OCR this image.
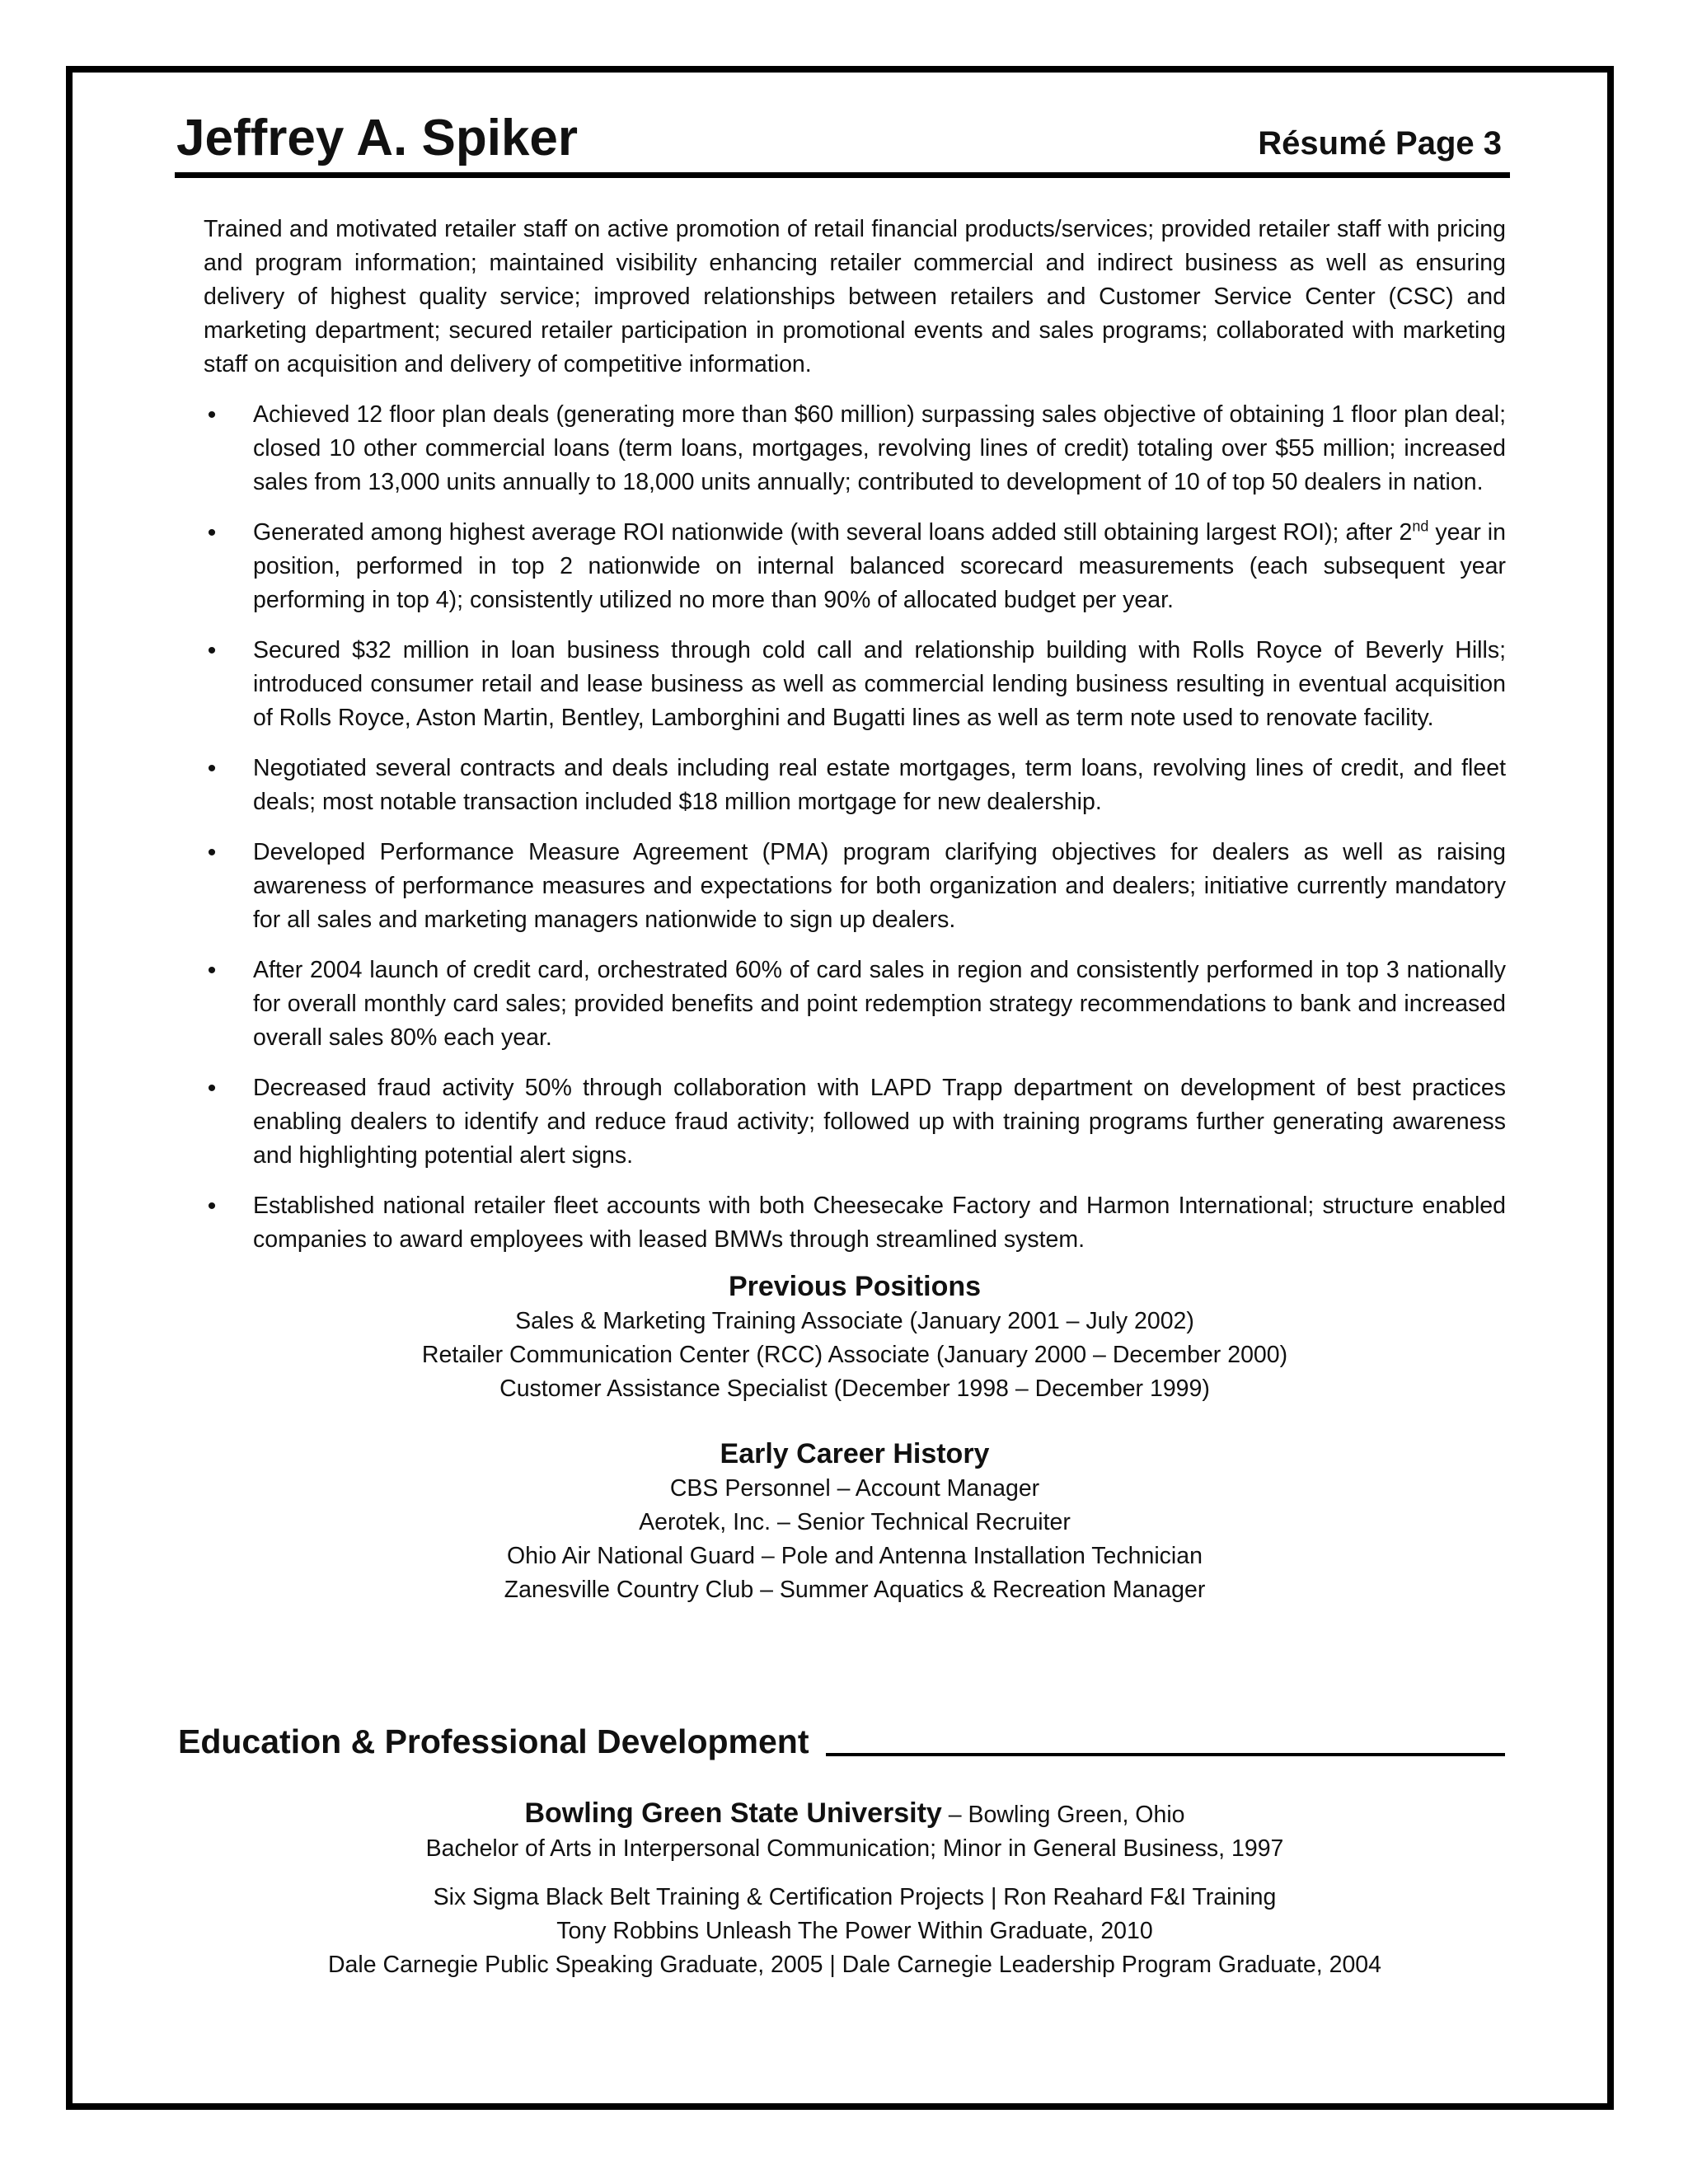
Jeffrey A. Spiker	Résumé Page 3

Trained and motivated retailer staff on active promotion of retail financial products/services; provided retailer staff with pricing and program information; maintained visibility enhancing retailer commercial and indirect business as well as ensuring delivery of highest quality service; improved relationships between retailers and Customer Service Center (CSC) and marketing department; secured retailer participation in promotional events and sales programs; collaborated with marketing staff on acquisition and delivery of competitive information.

• Achieved 12 floor plan deals (generating more than $60 million) surpassing sales objective of obtaining 1 floor plan deal; closed 10 other commercial loans (term loans, mortgages, revolving lines of credit) totaling over $55 million; increased sales from 13,000 units annually to 18,000 units annually; contributed to development of 10 of top 50 dealers in nation.
• Generated among highest average ROI nationwide (with several loans added still obtaining largest ROI); after 2nd year in position, performed in top 2 nationwide on internal balanced scorecard measurements (each subsequent year performing in top 4); consistently utilized no more than 90% of allocated budget per year.
• Secured $32 million in loan business through cold call and relationship building with Rolls Royce of Beverly Hills; introduced consumer retail and lease business as well as commercial lending business resulting in eventual acquisition of Rolls Royce, Aston Martin, Bentley, Lamborghini and Bugatti lines as well as term note used to renovate facility.
• Negotiated several contracts and deals including real estate mortgages, term loans, revolving lines of credit, and fleet deals; most notable transaction included $18 million mortgage for new dealership.
• Developed Performance Measure Agreement (PMA) program clarifying objectives for dealers as well as raising awareness of performance measures and expectations for both organization and dealers; initiative currently mandatory for all sales and marketing managers nationwide to sign up dealers.
• After 2004 launch of credit card, orchestrated 60% of card sales in region and consistently performed in top 3 nationally for overall monthly card sales; provided benefits and point redemption strategy recommendations to bank and increased overall sales 80% each year.
• Decreased fraud activity 50% through collaboration with LAPD Trapp department on development of best practices enabling dealers to identify and reduce fraud activity; followed up with training programs further generating awareness and highlighting potential alert signs.
• Established national retailer fleet accounts with both Cheesecake Factory and Harmon International; structure enabled companies to award employees with leased BMWs through streamlined system.
Previous Positions
Sales & Marketing Training Associate (January 2001 – July 2002)
Retailer Communication Center (RCC) Associate (January 2000 – December 2000)
Customer Assistance Specialist (December 1998 – December 1999)
Early Career History
CBS Personnel – Account Manager
Aerotek, Inc. – Senior Technical Recruiter
Ohio Air National Guard – Pole and Antenna Installation Technician
Zanesville Country Club – Summer Aquatics & Recreation Manager
Education & Professional Development
Bowling Green State University – Bowling Green, Ohio
Bachelor of Arts in Interpersonal Communication; Minor in General Business, 1997
Six Sigma Black Belt Training & Certification Projects | Ron Reahard F&I Training
Tony Robbins Unleash The Power Within Graduate, 2010
Dale Carnegie Public Speaking Graduate, 2005 | Dale Carnegie Leadership Program Graduate, 2004
